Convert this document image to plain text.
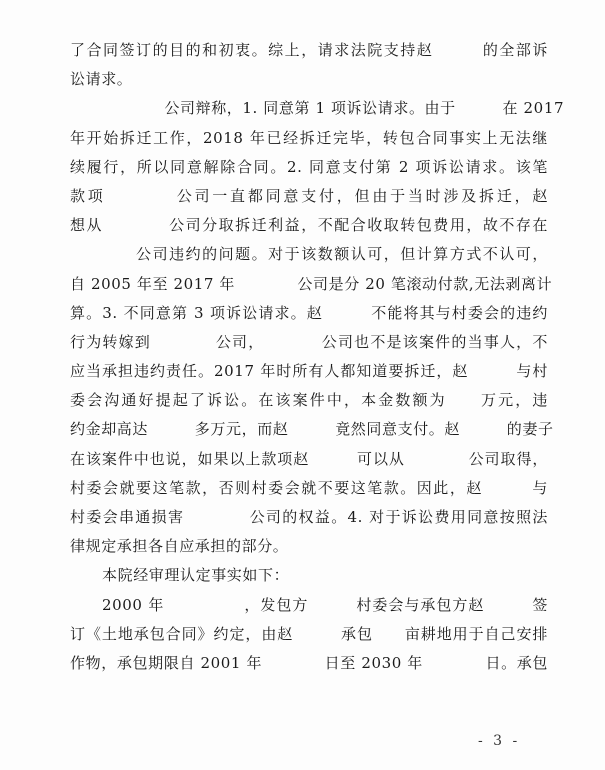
了合同签订的目的和初衷。综上，请求法院支持赵　　　的全部诉
讼请求。
　　　　公司辩称，1. 同意第 1 项诉讼请求。由于　　　在 2017
年开始拆迁工作，2018 年已经拆迁完毕，转包合同事实上无法继
续履行，所以同意解除合同。2. 同意支付第 2 项诉讼请求。该笔
款项　　　　公司一直都同意支付，但由于当时涉及拆迁，赵　　
想从　　　　公司分取拆迁利益，不配合收取转包费用，故不存在
　　　　公司违约的问题。对于该数额认可，但计算方式不认可，
自 2005 年至 2017 年　　　　公司是分 20 笔滚动付款,无法剥离计
算。3. 不同意第 3 项诉讼请求。赵　　　不能将其与村委会的违约
行为转嫁到　　　　公司，　　　　公司也不是该案件的当事人，不
应当承担违约责任。2017 年时所有人都知道要拆迁，赵　　　与村
委会沟通好提起了诉讼。在该案件中，本金数额为　　万元，违
约金却高达　　　多万元，而赵　　　竟然同意支付。赵　　　的妻子
在该案件中也说，如果以上款项赵　　　可以从　　　　公司取得，
村委会就要这笔款，否则村委会就不要这笔款。因此，赵　　　与
村委会串通损害　　　　公司的权益。4. 对于诉讼费用同意按照法
律规定承担各自应承担的部分。
本院经审理认定事实如下：
2000 年　　　　　，发包方　　　村委会与承包方赵　　　签
订《土地承包合同》约定，由赵　　　承包　　亩耕地用于自己安排
作物，承包期限自 2001 年　　　　日至 2030 年　　　　日。承包
- 3 -
